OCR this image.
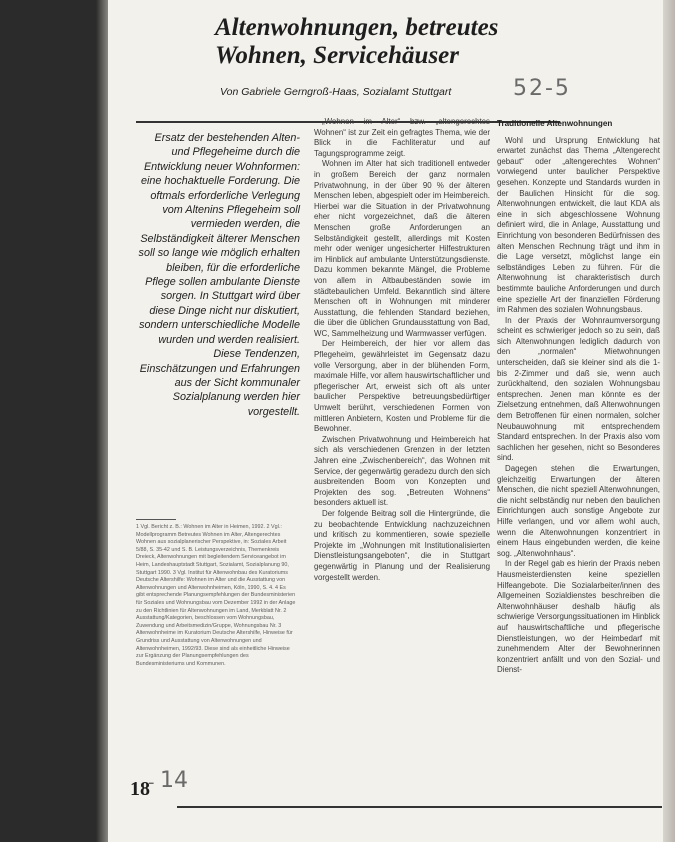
Altenwohnungen, betreutes Wohnen, Servicehäuser
Von Gabriele Gerngroß-Haas, Sozialamt Stuttgart	52-5
Ersatz der bestehenden Alten- und Pflegeheime durch die Entwicklung neuer Wohnformen: eine hochaktuelle Forderung. Die oftmals erforderliche Verlegung vom Altenins Pflegeheim soll vermieden werden, die Selbständigkeit älterer Menschen soll so lange wie möglich erhalten bleiben, für die erforderliche Pflege sollen ambulante Dienste sorgen. In Stuttgart wird über diese Dinge nicht nur diskutiert, sondern unterschiedliche Modelle wurden und werden realisiert. Diese Tendenzen, Einschätzungen und Erfahrungen aus der Sicht kommunaler Sozialplanung werden hier vorgestellt.
1 Vgl. Bericht z. B.: Wohnen im Alter in Heimen, 1992. 2 Vgl.: Modellprogramm Betreutes Wohnen im Alter, Altengerechtes Wohnen aus sozialplanerischer Perspektive, in: Soziales Arbeit 5/88, S. 35-42 und S. B. Leistungsverzeichnis, Themenkreis Dreieck, Altenwohnungen mit begleitendem Serviceangebot im Heim, Landeshauptstadt Stuttgart, Sozialamt, Sozialplanung 90, Stuttgart 1990. 3 Vgl. Institut für Altenwohnbau des Kuratoriums Deutsche Altershilfe: Wohnen im Alter und die Ausstattung von Altenwohnungen und Altenwohnheimen, Köln, 1990, S. 4. 4 Es gibt entsprechende Planungsempfehlungen der Bundesministerien für Soziales und Wohnungsbau vom Dezember 1992 in der Anlage zu den Richtlinien für Altenwohnungen im Land, Merkblatt Nr. 2 Ausstattung/Kategorien, beschlossen vom Wohnungsbau, Zuwendung und Arbeitsmedizin/Gruppe, Wohnungsbau Nr. 3 Altenwohnheime im Kuratorium Deutsche Altershilfe, Hinweise für Grundriss und Ausstattung von Altenwohnungen und Altenwohnheimen, 1992/93. Diese sind als einheitliche Hinweise zur Ergänzung der Planungsempfehlungen des Bundesministeriums und Kommunen.

„Wohnen im Alter“ bzw. „altengerechtes Wohnen“ ist zur Zeit ein gefragtes Thema, wie der Blick in die Fachliteratur und auf Tagungsprogramme zeigt.

Wohnen im Alter hat sich traditionell entweder in großem Bereich der ganz normalen Privatwohnung, in der über 90 % der älteren Menschen leben, abgespielt oder im Heimbereich. Hierbei war die Situation in der Privatwohnung eher nicht vorgezeichnet, daß die älteren Menschen große Anforderungen an Selbständigkeit gestellt, allerdings mit Kosten mehr oder weniger ungesicherter Hilfestrukturen im Hinblick auf ambulante Unterstützungsdienste. Dazu kommen bekannte Mängel, die Probleme von allem in Altbaubeständen sowie im städtebaulichen Umfeld. Bekanntlich sind ältere Menschen oft in Wohnungen mit minderer Ausstattung, die fehlenden Standard beziehen, die über die üblichen Grundausstattung von Bad, WC, Sammelheizung und Warmwasser verfügen.

Der Heimbereich, der hier vor allem das Pflegeheim, gewährleistet im Gegensatz dazu volle Versorgung, aber in der blühenden Form, maximale Hilfe, vor allem hauswirtschaftlicher und pflegerischer Art, erweist sich oft als unter baulicher Perspektive betreuungsbedürftiger Umwelt berührt, verschiedenen Formen von mittleren Anbietern, Kosten und Probleme für die Bewohner.

Zwischen Privatwohnung und Heimbereich hat sich als verschiedenen Grenzen in der letzten Jahren eine „Zwischenbereich“, das Wohnen mit Service, der gegenwärtig geradezu durch den sich ausbreitenden Boom von Konzepten und Projekten des sog. „Betreuten Wohnens“ besonders aktuell ist.

Der folgende Beitrag soll die Hintergründe, die zu beobachtende Entwicklung nachzuzeichnen und kritisch zu kommentieren, sowie spezielle Projekte im „Wohnungen mit Institutionalisierten Dienstleistungsangeboten“, die in Stuttgart gegenwärtig in Planung und der Realisierung vorgestellt werden.

Traditionelle Altenwohnungen

Wohl und Ursprung Entwicklung hat erwartet zunächst das Thema „Altengerecht gebaut“ oder „altengerechtes Wohnen“ vorwiegend unter baulicher Perspektive gesehen. Konzepte und Standards wurden in der Baulichen Hinsicht für die sog. Altenwohnungen entwickelt, die laut KDA als eine in sich abgeschlossene Wohnung definiert wird, die in Anlage, Ausstattung und Einrichtung von besonderen Bedürfnissen des alten Menschen Rechnung trägt und ihm in die Lage versetzt, möglichst lange ein selbständiges Leben zu führen. Für die Altenwohnung ist charakteristisch durch bestimmte bauliche Anforderungen und durch eine spezielle Art der finanziellen Förderung im Rahmen des sozialen Wohnungsbaus.

In der Praxis der Wohnraumversorgung scheint es schwieriger jedoch so zu sein, daß sich Altenwohnungen lediglich dadurch von den „normalen“ Mietwohnungen unterscheiden, daß sie kleiner sind als die 1- bis 2-Zimmer und daß sie, wenn auch zurückhaltend, den sozialen Wohnungsbau entsprechen. Jenen man könnte es der Zielsetzung entnehmen, daß Altenwohnungen dem Betroffenen für einen normalen, solcher Neubauwohnung mit entsprechendem Standard entsprechen. In der Praxis also vom sachlichen her gesehen, nicht so Besonderes sind.

Dagegen stehen die Erwartungen, gleichzeitig Erwartungen der älteren Menschen, die nicht speziell Altenwohnungen, die nicht selbständig nur neben den baulichen Einrichtungen auch sonstige Angebote zur Hilfe verlangen, und vor allem wohl auch, wenn die Altenwohnungen konzentriert in einem Haus eingebunden werden, die keine sog. „Altenwohnhaus“.

In der Regel gab es hierin der Praxis neben Hausmeisterdiensten keine speziellen Hilfeangebote. Die Sozialarbeiter/innen des Allgemeinen Sozialdienstes beschreiben die Altenwohnhäuser deshalb häufig als schwierige Versorgungssituationen im Hinblick auf hauswirtschaftliche und pflegerische Dienstleistungen, wo der Heimbedarf mit zunehmendem Alter der Bewohnerinnen konzentriert anfällt und von den Sozial- und Dienst-

18
- 14
